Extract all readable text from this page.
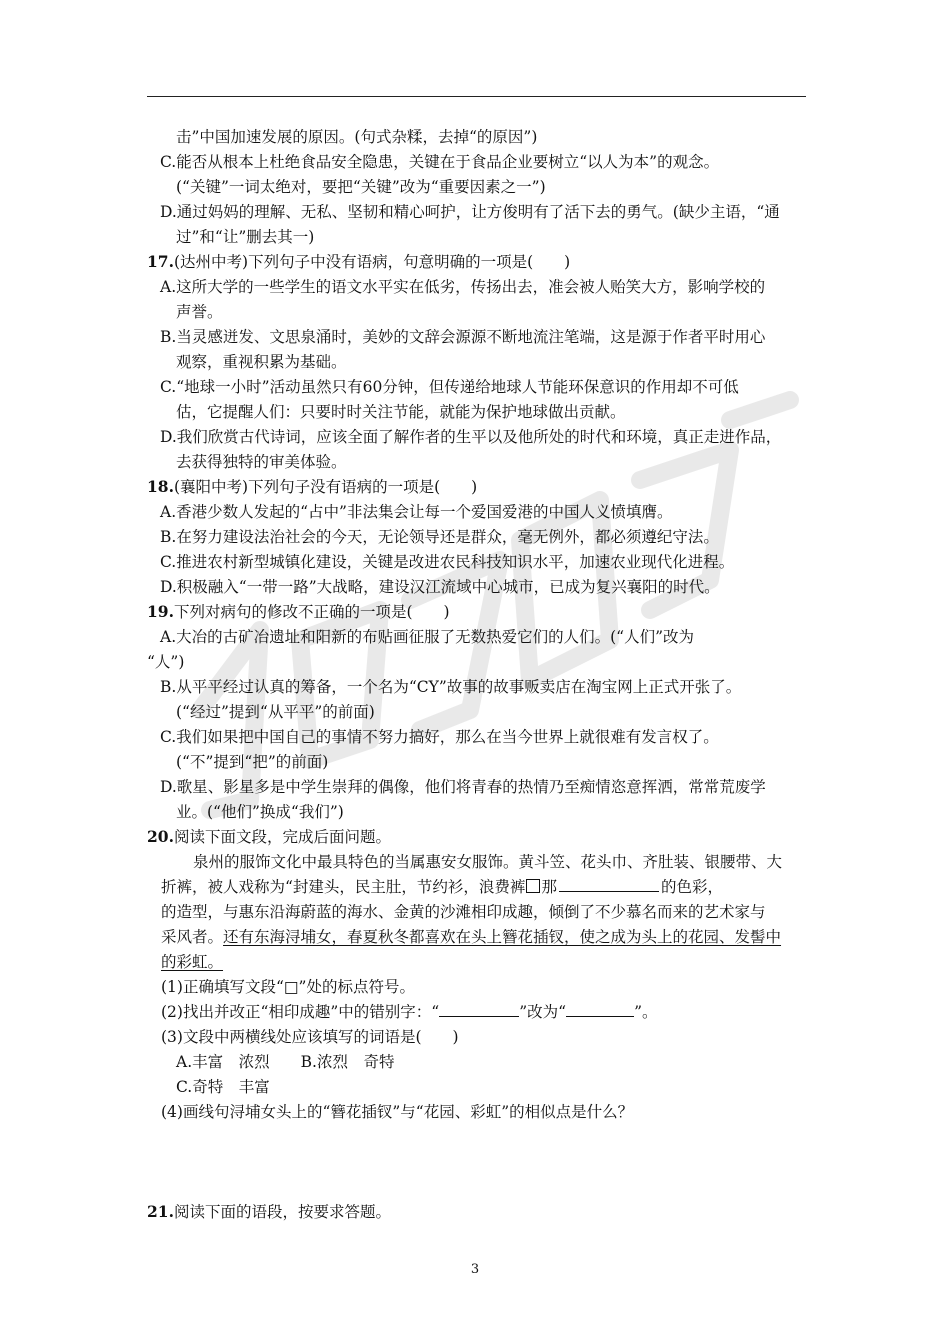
击”中国加速发展的原因。(句式杂糅，去掉“的原因”)
C.能否从根本上杜绝食品安全隐患，关键在于食品企业要树立“以人为本”的观念。
(“关键”一词太绝对，要把“关键”改为“重要因素之一”)
D.通过妈妈的理解、无私、坚韧和精心呵护，让方俊明有了活下去的勇气。(缺少主语，“通
过”和“让”删去其一)
17.(达州中考)下列句子中没有语病，句意明确的一项是(　　)
A.这所大学的一些学生的语文水平实在低劣，传扬出去，准会被人贻笑大方，影响学校的
声誉。
B.当灵感迸发、文思泉涌时，美妙的文辞会源源不断地流注笔端，这是源于作者平时用心
观察，重视积累为基础。
C.“地球一小时”活动虽然只有60分钟，但传递给地球人节能环保意识的作用却不可低
估，它提醒人们：只要时时关注节能，就能为保护地球做出贡献。
D.我们欣赏古代诗词，应该全面了解作者的生平以及他所处的时代和环境，真正走进作品，
去获得独特的审美体验。
18.(襄阳中考)下列句子没有语病的一项是(　　)
A.香港少数人发起的“占中”非法集会让每一个爱国爱港的中国人义愤填膺。
B.在努力建设法治社会的今天，无论领导还是群众，毫无例外，都必须遵纪守法。
C.推进农村新型城镇化建设，关键是改进农民科技知识水平，加速农业现代化进程。
D.积极融入“一带一路”大战略，建设汉江流域中心城市，已成为复兴襄阳的时代。
19.下列对病句的修改不正确的一项是(　　)
A.大冶的古矿冶遗址和阳新的布贴画征服了无数热爱它们的人们。(“人们”改为
“人”)
B.从平平经过认真的筹备，一个名为“CY”故事的故事贩卖店在淘宝网上正式开张了。
(“经过”提到“从平平”的前面)
C.我们如果把中国自己的事情不努力搞好，那么在当今世界上就很难有发言权了。
(“不”提到“把”的前面)
D.歌星、影星多是中学生崇拜的偶像，他们将青春的热情乃至痴情恣意挥洒，常常荒废学
业。(“他们”换成“我们”)
20.阅读下面文段，完成后面问题。
泉州的服饰文化中最具特色的当属惠安女服饰。黄斗笠、花头巾、齐肚装、银腰带、大
折裤，被人戏称为“封建头，民主肚，节约衫，浪费裤 那	的色彩，
的造型，与惠东沿海蔚蓝的海水、金黄的沙滩相印成趣，倾倒了不少慕名而来的艺术家与
采风者。还有东海浔埔女，春夏秋冬都喜欢在头上簪花插钗，使之成为头上的花园、发髻中
的彩虹。
(1)正确填写文段“□”处的标点符号。
(2)找出并改正“相印成趣”中的错别字：“	”改为“	”。
(3)文段中两横线处应该填写的词语是(　　)
A.丰富　浓烈　　B.浓烈　奇特
C.奇特　丰富
(4)画线句浔埔女头上的“簪花插钗”与“花园、彩虹”的相似点是什么？
21.阅读下面的语段，按要求答题。
3
